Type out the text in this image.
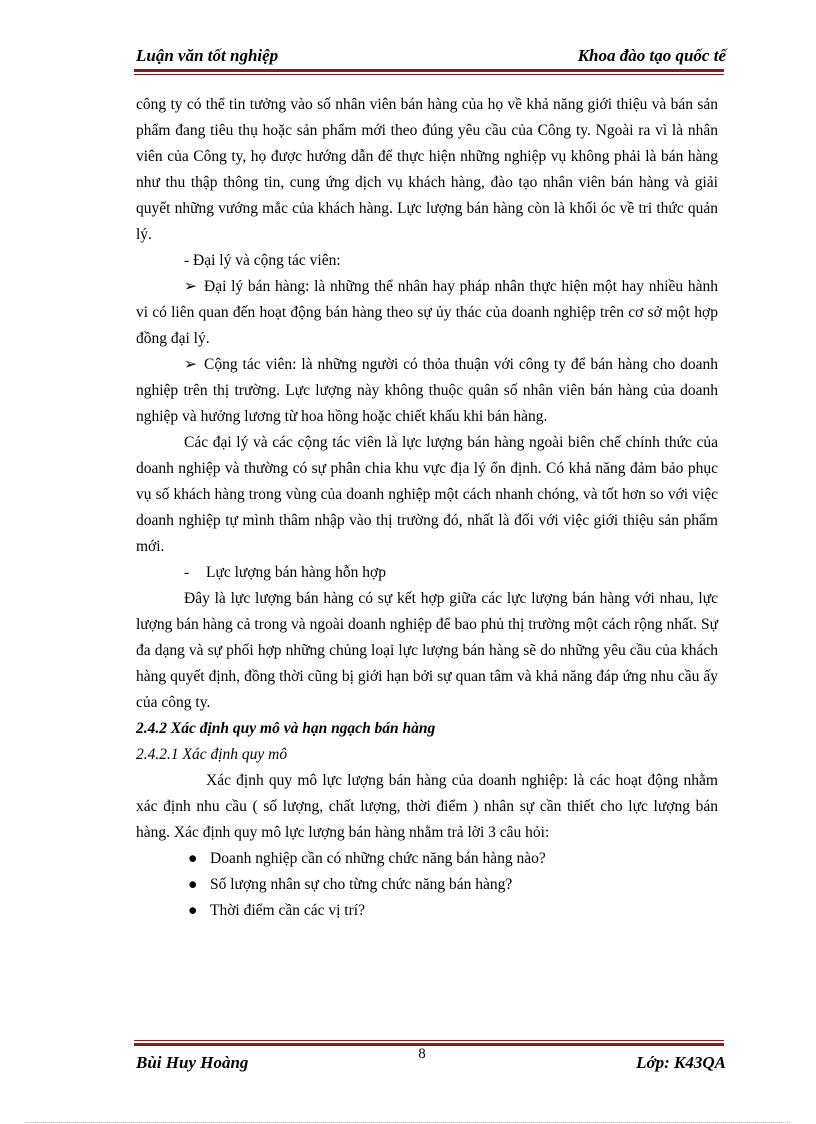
Luận văn tốt nghiệp	Khoa đào tạo quốc tế

công ty có thể tin tưởng vào số nhân viên bán hàng của họ về khả năng giới thiệu và bán sản phẩm đang tiêu thụ hoặc sản phẩm mới theo đúng yêu cầu của Công ty. Ngoài ra vì là nhân viên của Công ty, họ được hướng dẫn để thực hiện những nghiệp vụ không phải là bán hàng như thu thập thông tin, cung ứng dịch vụ khách hàng, đào tạo nhân viên bán hàng và giải quyết những vướng mắc của khách hàng. Lực lượng bán hàng còn là khối óc về tri thức quản lý.

- Đại lý và cộng tác viên:

➢ Đại lý bán hàng: là những thể nhân hay pháp nhân thực hiện một hay nhiều hành vi có liên quan đến hoạt động bán hàng theo sự ủy thác của doanh nghiệp trên cơ sở một hợp đồng đại lý.

➢ Cộng tác viên: là những người có thỏa thuận với công ty để bán hàng cho doanh nghiệp trên thị trường. Lực lượng này không thuộc quân số nhân viên bán hàng của doanh nghiệp và hưởng lương từ hoa hồng hoặc chiết khấu khi bán hàng.

Các đại lý và các cộng tác viên là lực lượng bán hàng ngoài biên chế chính thức của doanh nghiệp và thường có sự phân chia khu vực địa lý ổn định. Có khả năng đảm bảo phục vụ số khách hàng trong vùng của doanh nghiệp một cách nhanh chóng, và tốt hơn so với việc doanh nghiệp tự mình thâm nhập vào thị trường đó, nhất là đối với việc giới thiệu sản phẩm mới.

- Lực lượng bán hàng hỗn hợp

Đây là lực lượng bán hàng có sự kết hợp giữa các lực lượng bán hàng với nhau, lực lượng bán hàng cả trong và ngoài doanh nghiệp để bao phủ thị trường một cách rộng nhất. Sự đa dạng và sự phối hợp những chủng loại lực lượng bán hàng sẽ do những yêu cầu của khách hàng quyết định, đồng thời cũng bị giới hạn bởi sự quan tâm và khả năng đáp ứng nhu cầu ấy của công ty.

2.4.2 Xác định quy mô và hạn ngạch bán hàng

2.4.2.1 Xác định quy mô

Xác định quy mô lực lượng bán hàng của doanh nghiệp: là các hoạt động nhằm xác định nhu cầu ( số lượng, chất lượng, thời điểm ) nhân sự cần thiết cho lực lượng bán hàng. Xác định quy mô lực lượng bán hàng nhằm trả lời 3 câu hỏi:

● Doanh nghiệp cần có những chức năng bán hàng nào?

● Số lượng nhân sự cho từng chức năng bán hàng?

● Thời điểm cần các vị trí?

8
Bùi Huy Hoàng	Lớp: K43QA
